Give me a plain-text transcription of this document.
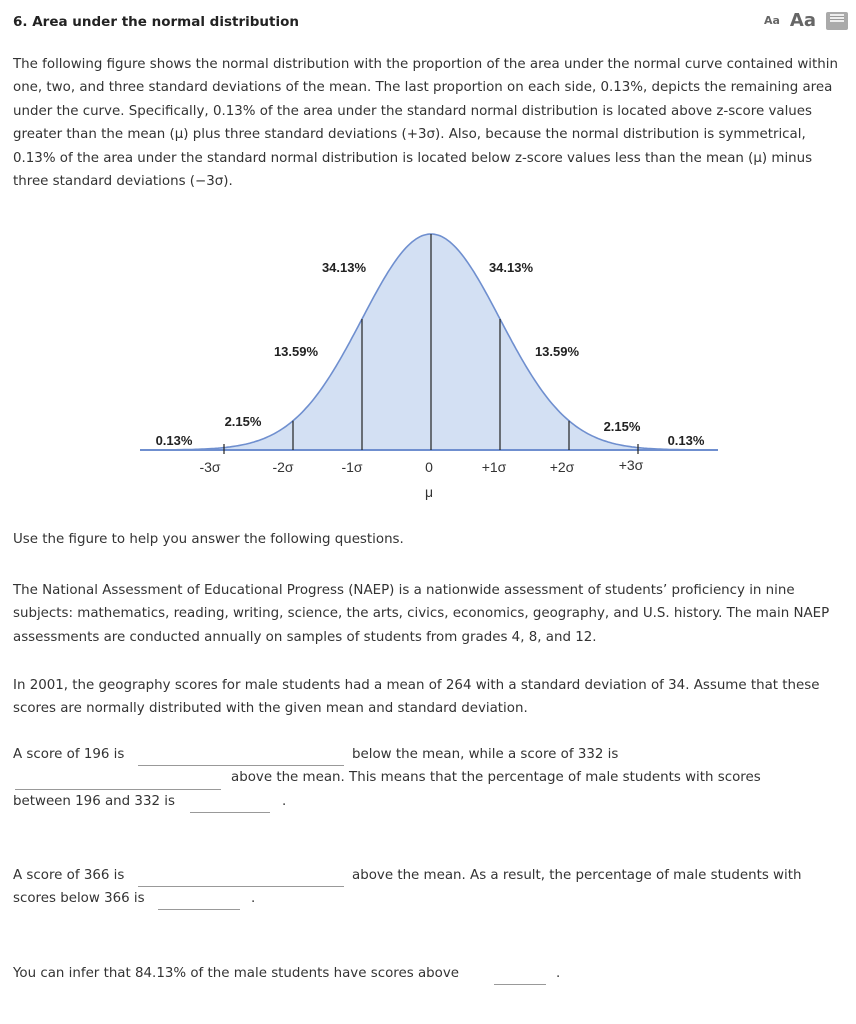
6. Area under the normal distribution	Aa Aa

The following figure shows the normal distribution with the proportion of the area under the normal curve contained within one, two, and three standard deviations of the mean. The last proportion on each side, 0.13%, depicts the remaining area under the curve. Specifically, 0.13% of the area under the standard normal distribution is located above z-score values greater than the mean (μ) plus three standard deviations (+3σ). Also, because the normal distribution is symmetrical, 0.13% of the area under the standard normal distribution is located below z-score values less than the mean (μ) minus three standard deviations (−3σ).

0.13%
2.15%
13.59%
34.13%	34.13%
13.59%
2.15%
0.13%
-3σ	-2σ	-1σ	0	+1σ	+2σ	+3σ
μ

Use the figure to help you answer the following questions.

The National Assessment of Educational Progress (NAEP) is a nationwide assessment of students’ proficiency in nine subjects: mathematics, reading, writing, science, the arts, civics, economics, geography, and U.S. history. The main NAEP assessments are conducted annually on samples of students from grades 4, 8, and 12.

In 2001, the geography scores for male students had a mean of 264 with a standard deviation of 34. Assume that these scores are normally distributed with the given mean and standard deviation.

A score of 196 is	below the mean, while a score of 332 is
above the mean. This means that the percentage of male students with scores
between 196 and 332 is	.
A score of 366 is	above the mean. As a result, the percentage of male students with
scores below 366 is	.
You can infer that 84.13% of the male students have scores above	.
